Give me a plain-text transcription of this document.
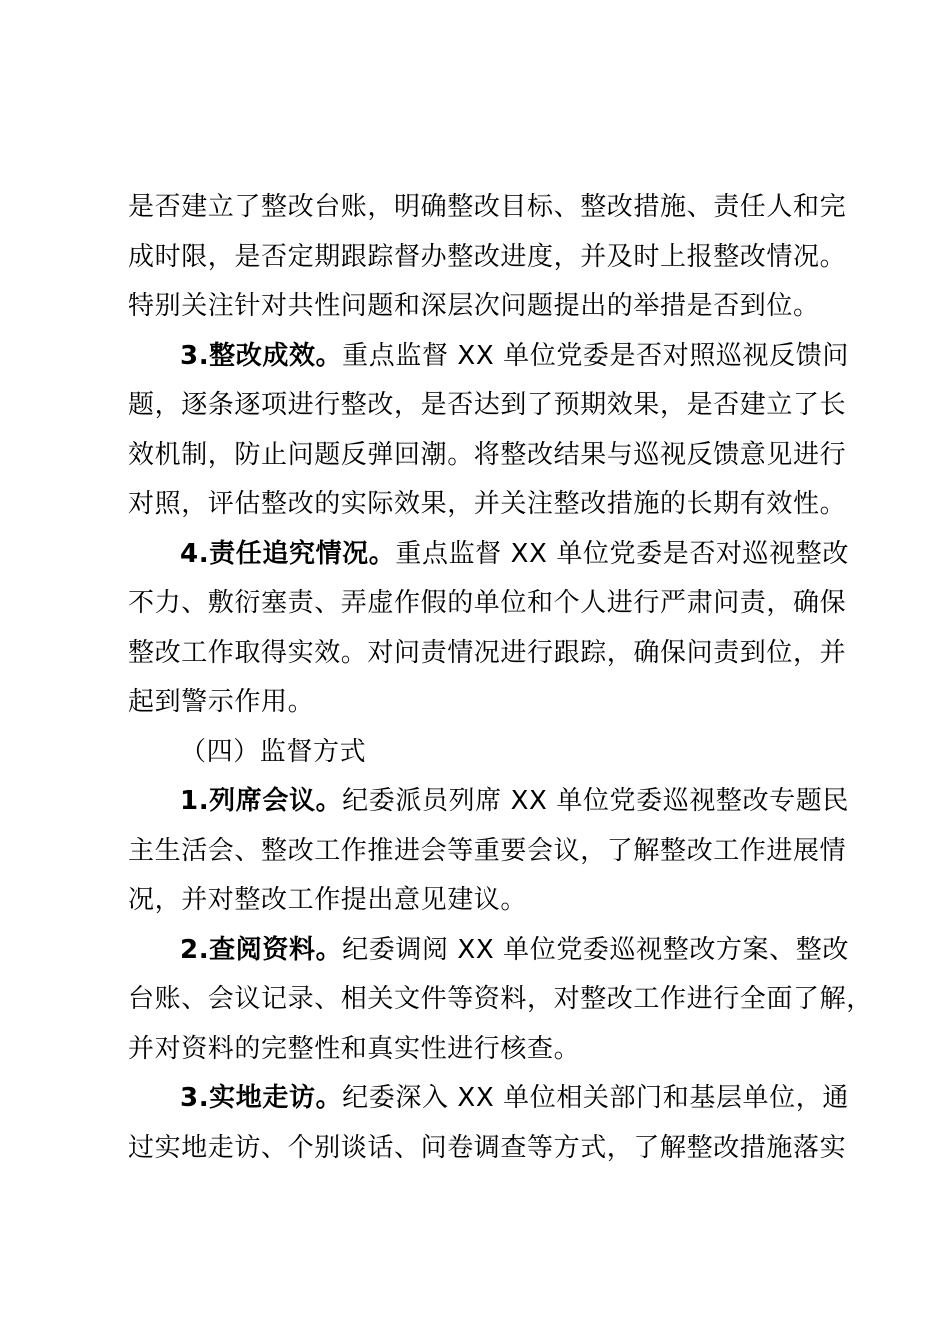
是否建立了整改台账，明确整改目标、整改措施、责任人和完
成时限，是否定期跟踪督办整改进度，并及时上报整改情况。
特别关注针对共性问题和深层次问题提出的举措是否到位。
3.整改成效。重点监督 XX 单位党委是否对照巡视反馈问
题，逐条逐项进行整改，是否达到了预期效果，是否建立了长
效机制，防止问题反弹回潮。将整改结果与巡视反馈意见进行
对照，评估整改的实际效果，并关注整改措施的长期有效性。
4.责任追究情况。重点监督 XX 单位党委是否对巡视整改
不力、敷衍塞责、弄虚作假的单位和个人进行严肃问责，确保
整改工作取得实效。对问责情况进行跟踪，确保问责到位，并
起到警示作用。
（四）监督方式
1.列席会议。纪委派员列席 XX 单位党委巡视整改专题民
主生活会、整改工作推进会等重要会议，了解整改工作进展情
况，并对整改工作提出意见建议。
2.查阅资料。纪委调阅 XX 单位党委巡视整改方案、整改
台账、会议记录、相关文件等资料，对整改工作进行全面了解，
并对资料的完整性和真实性进行核查。
3.实地走访。纪委深入 XX 单位相关部门和基层单位，通
过实地走访、个别谈话、问卷调查等方式，了解整改措施落实
